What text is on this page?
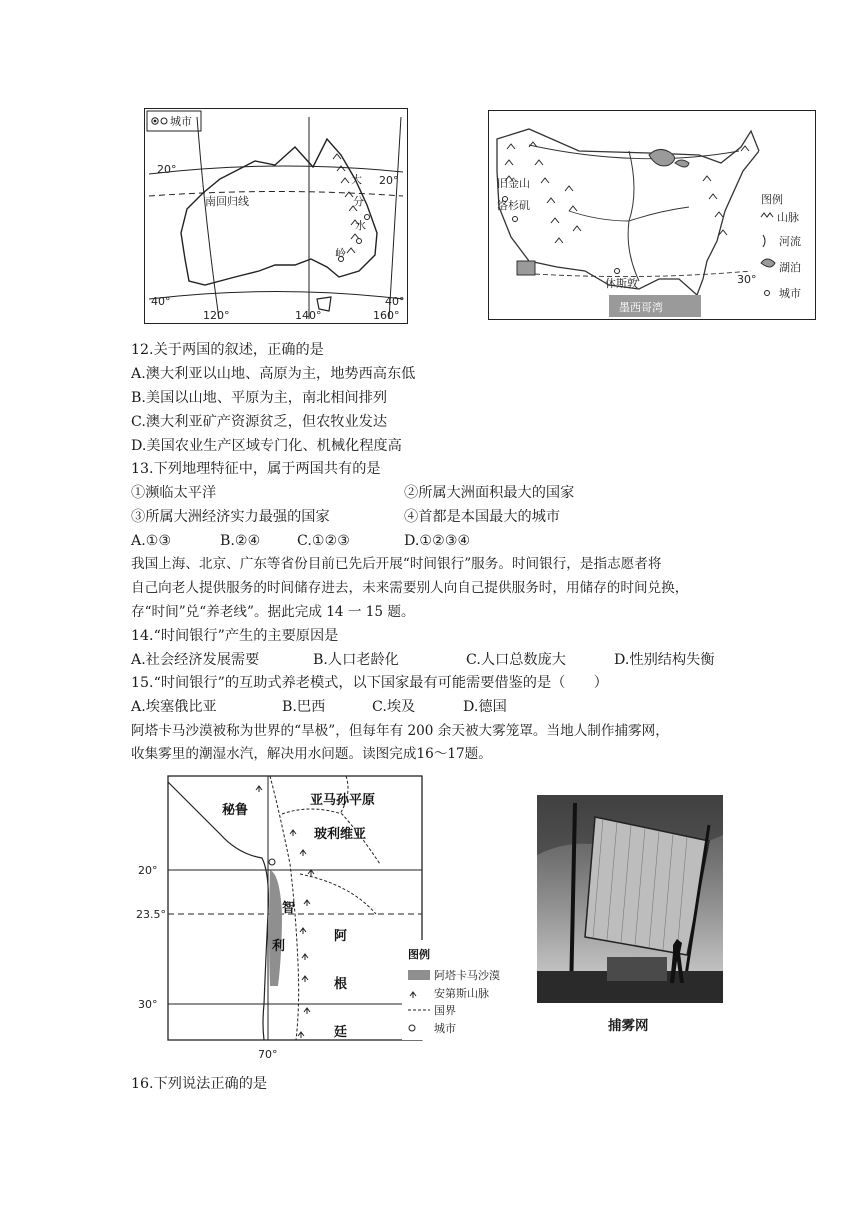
城市
20°
20°
南回归线
大
分
水
岭
40°	40°
120°	140°	160°
旧金山
洛杉矶
休斯敦
墨西哥湾
30°
图例
山脉
河流
湖泊
城市
12.关于两国的叙述，正确的是
A.澳大利亚以山地、高原为主，地势西高东低
B.美国以山地、平原为主，南北相间排列
C.澳大利亚矿产资源贫乏，但农牧业发达
D.美国农业生产区域专门化、机械化程度高
13.下列地理特征中，属于两国共有的是
①濒临太平洋	②所属大洲面积最大的国家
③所属大洲经济实力最强的国家	④首都是本国最大的城市
A.①③	B.②④	C.①②③	D.①②③④
我国上海、北京、广东等省份目前已先后开展“时间银行”服务。时间银行，是指志愿者将
自己向老人提供服务的时间储存进去，未来需要别人向自己提供服务时，用储存的时间兑换，
存“时间”兑“养老线”。据此完成 14 一 15 题。
14.“时间银行”产生的主要原因是
A.社会经济发展需要	B.人口老龄化	C.人口总数庞大	D.性别结构失衡
15.“时间银行”的互助式养老模式，以下国家最有可能需要借鉴的是（　　）
A.埃塞俄比亚	B.巴西	C.埃及	D.德国
阿塔卡马沙漠被称为世界的“旱极”，但每年有 200 余天被大雾笼罩。当地人制作捕雾网，
收集雾里的潮湿水汽，解决用水问题。读图完成16～17题。
秘鲁
亚马孙平原
玻利维亚
智
利
阿
根
廷
20°
23.5°
30°
70°
图例
阿塔卡马沙漠
安第斯山脉
国界
城市	捕雾网
16.下列说法正确的是
